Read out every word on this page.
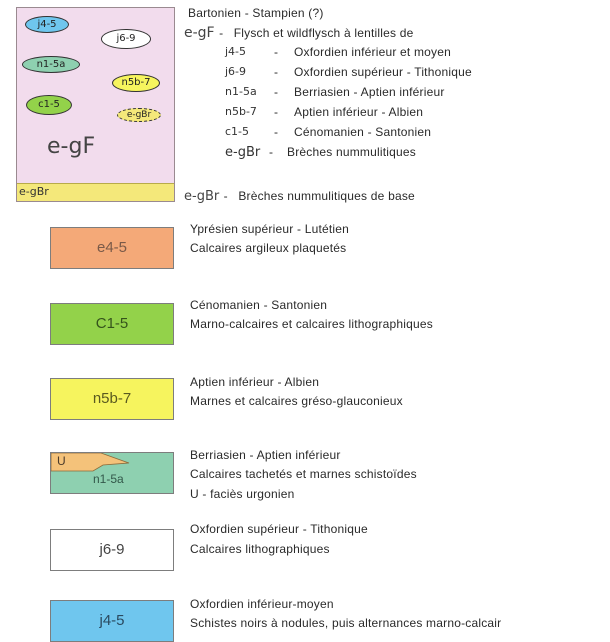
j4-5
j6-9
n1-5a
n5b-7
c1-5
e-gBr
e-gF
e-gBr
Bartonien - Stampien (?)
e-gF - Flysch et wildflysch à lentilles de
j4-5 - Oxfordien inférieur et moyen
j6-9 - Oxfordien supérieur - Tithonique
n1-5a - Berriasien - Aptien inférieur
n5b-7 - Aptien inférieur - Albien
c1-5 - Cénomanien - Santonien
e-gBr - Brèches nummulitiques
e-gBr - Brèches nummulitiques de base
e4-5
Yprésien supérieur - Lutétien
Calcaires argileux plaquetés
C1-5
Cénomanien - Santonien
Marno-calcaires et calcaires lithographiques
n5b-7
Aptien inférieur - Albien
Marnes et calcaires gréso-glauconieux
U
n1-5a
Berriasien - Aptien inférieur
Calcaires tachetés et marnes schistoïdes
U - faciès urgonien
j6-9
Oxfordien supérieur - Tithonique
Calcaires lithographiques
j4-5
Oxfordien inférieur-moyen
Schistes noirs à nodules, puis alternances marno-calcair
